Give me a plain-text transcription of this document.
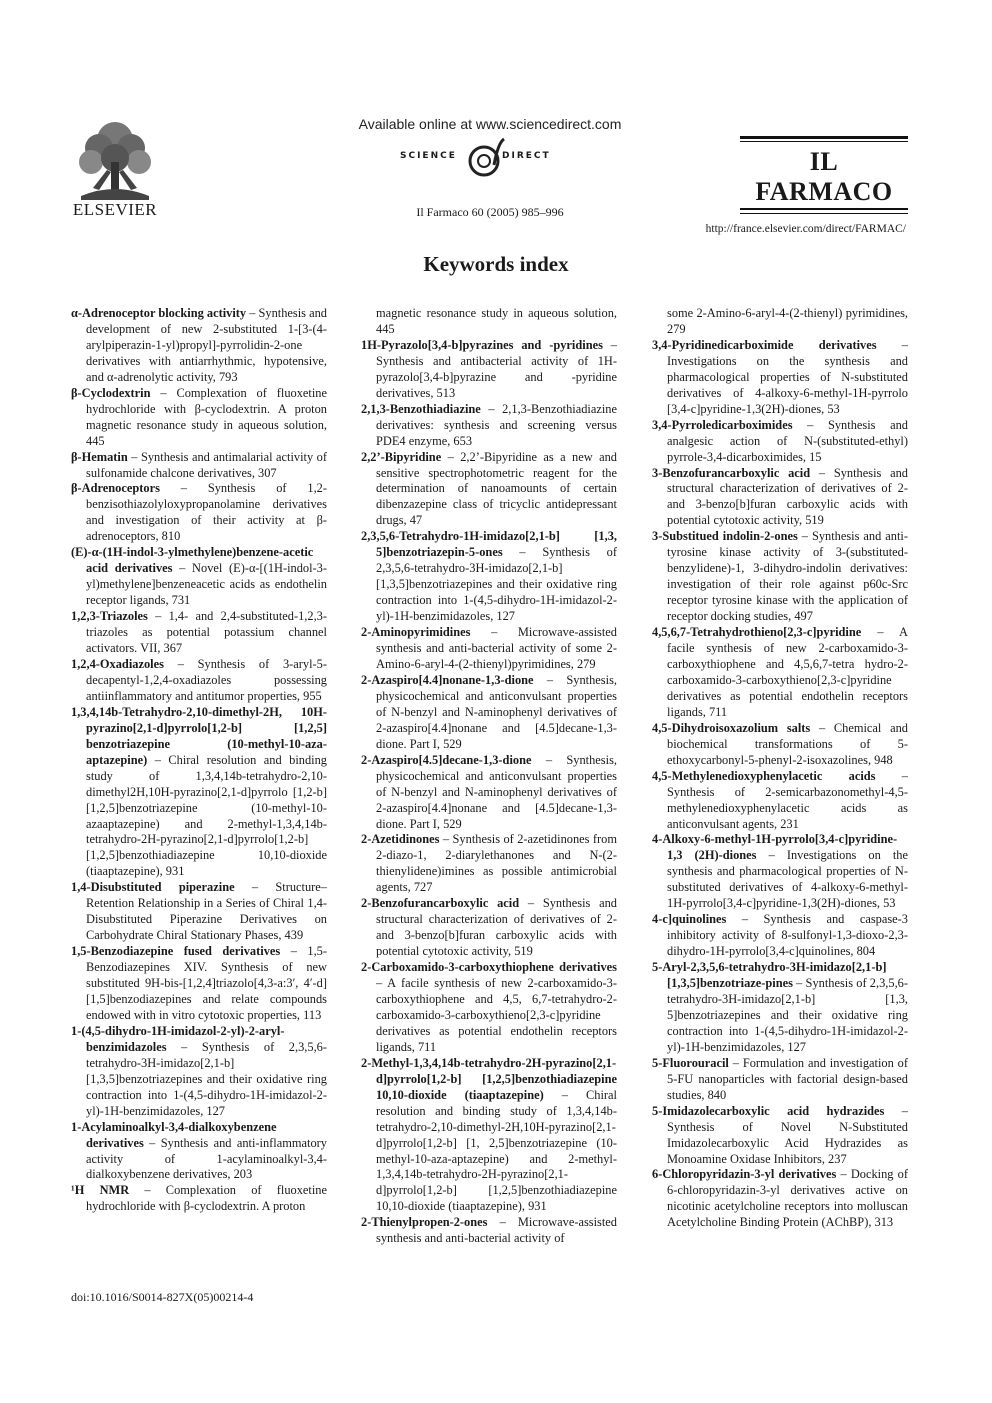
ELSEVIER
Available online at www.sciencedirect.com
SCIENCE	DIRECT
Il Farmaco 60 (2005) 985–996
IL FARMACO
http://france.elsevier.com/direct/FARMAC/
Keywords index
α-Adrenoceptor blocking activity – Synthesis and development of new 2-substituted 1-[3-(4-arylpiperazin-1-yl)propyl]-pyrrolidin-2-one derivatives with antiarrhythmic, hypotensive, and α-adrenolytic activity, 793
β-Cyclodextrin – Complexation of fluoxetine hydrochloride with β-cyclodextrin. A proton magnetic resonance study in aqueous solution, 445
β-Hematin – Synthesis and antimalarial activity of sulfonamide chalcone derivatives, 307
β-Adrenoceptors – Synthesis of 1,2-benzisothiazolyloxypropanolamine derivatives and investigation of their activity at β-adrenoceptors, 810
(E)-α-(1H-indol-3-ylmethylene)benzene-acetic acid derivatives – Novel (E)-α-[(1H-indol-3-yl)methylene]benzeneacetic acids as endothelin receptor ligands, 731
1,2,3-Triazoles – 1,4- and 2,4-substituted-1,2,3-triazoles as potential potassium channel activators. VII, 367
1,2,4-Oxadiazoles – Synthesis of 3-aryl-5-decapentyl-1,2,4-oxadiazoles possessing antiinflammatory and antitumor properties, 955
1,3,4,14b-Tetrahydro-2,10-dimethyl-2H, 10H-pyrazino[2,1-d]pyrrolo[1,2-b] [1,2,5] benzotriazepine (10-methyl-10-aza-aptazepine) – Chiral resolution and binding study of 1,3,4,14b-tetrahydro-2,10-dimethyl2H,10H-pyrazino[2,1-d]pyrrolo [1,2-b] [1,2,5]benzotriazepine (10-methyl-10-azaaptazepine) and 2-methyl-1,3,4,14b-tetrahydro-2H-pyrazino[2,1-d]pyrrolo[1,2-b] [1,2,5]benzothiadiazepine 10,10-dioxide (tiaaptazepine), 931
1,4-Disubstituted piperazine – Structure–Retention Relationship in a Series of Chiral 1,4-Disubstituted Piperazine Derivatives on Carbohydrate Chiral Stationary Phases, 439
1,5-Benzodiazepine fused derivatives – 1,5-Benzodiazepines XIV. Synthesis of new substituted 9H-bis-[1,2,4]triazolo[4,3-a:3′, 4′-d] [1,5]benzodiazepines and relate compounds endowed with in vitro cytotoxic properties, 113
1-(4,5-dihydro-1H-imidazol-2-yl)-2-aryl-benzimidazoles – Synthesis of 2,3,5,6-tetrahydro-3H-imidazo[2,1-b] [1,3,5]benzotriazepines and their oxidative ring contraction into 1-(4,5-dihydro-1H-imidazol-2-yl)-1H-benzimidazoles, 127
1-Acylaminoalkyl-3,4-dialkoxybenzene derivatives – Synthesis and anti-inflammatory activity of 1-acylaminoalkyl-3,4-dialkoxybenzene derivatives, 203
¹H NMR – Complexation of fluoxetine hydrochloride with β-cyclodextrin. A proton
magnetic resonance study in aqueous solution, 445
1H-Pyrazolo[3,4-b]pyrazines and -pyridines – Synthesis and antibacterial activity of 1H-pyrazolo[3,4-b]pyrazine and -pyridine derivatives, 513
2,1,3-Benzothiadiazine – 2,1,3-Benzothiadiazine derivatives: synthesis and screening versus PDE4 enzyme, 653
2,2’-Bipyridine – 2,2’-Bipyridine as a new and sensitive spectrophotometric reagent for the determination of nanoamounts of certain dibenzazepine class of tricyclic antidepressant drugs, 47
2,3,5,6-Tetrahydro-1H-imidazo[2,1-b] [1,3, 5]benzotriazepin-5-ones – Synthesis of 2,3,5,6-tetrahydro-3H-imidazo[2,1-b] [1,3,5]benzotriazepines and their oxidative ring contraction into 1-(4,5-dihydro-1H-imidazol-2-yl)-1H-benzimidazoles, 127
2-Aminopyrimidines – Microwave-assisted synthesis and anti-bacterial activity of some 2-Amino-6-aryl-4-(2-thienyl)pyrimidines, 279
2-Azaspiro[4.4]nonane-1,3-dione – Synthesis, physicochemical and anticonvulsant properties of N-benzyl and N-aminophenyl derivatives of 2-azaspiro[4.4]nonane and [4.5]decane-1,3-dione. Part I, 529
2-Azaspiro[4.5]decane-1,3-dione – Synthesis, physicochemical and anticonvulsant properties of N-benzyl and N-aminophenyl derivatives of 2-azaspiro[4.4]nonane and [4.5]decane-1,3-dione. Part I, 529
2-Azetidinones – Synthesis of 2-azetidinones from 2-diazo-1, 2-diarylethanones and N-(2-thienylidene)imines as possible antimicrobial agents, 727
2-Benzofurancarboxylic acid – Synthesis and structural characterization of derivatives of 2- and 3-benzo[b]furan carboxylic acids with potential cytotoxic activity, 519
2-Carboxamido-3-carboxythiophene derivatives – A facile synthesis of new 2-carboxamido-3-carboxythiophene and 4,5, 6,7-tetrahydro-2-carboxamido-3-carboxythieno[2,3-c]pyridine derivatives as potential endothelin receptors ligands, 711
2-Methyl-1,3,4,14b-tetrahydro-2H-pyrazino[2,1-d]pyrrolo[1,2-b] [1,2,5]benzothiadiazepine 10,10-dioxide (tiaaptazepine) – Chiral resolution and binding study of 1,3,4,14b-tetrahydro-2,10-dimethyl-2H,10H-pyrazino[2,1-d]pyrrolo[1,2-b] [1, 2,5]benzotriazepine (10-methyl-10-aza-aptazepine) and 2-methyl-1,3,4,14b-tetrahydro-2H-pyrazino[2,1-d]pyrrolo[1,2-b] [1,2,5]benzothiadiazepine 10,10-dioxide (tiaaptazepine), 931
2-Thienylpropen-2-ones – Microwave-assisted synthesis and anti-bacterial activity of
some 2-Amino-6-aryl-4-(2-thienyl) pyrimidines, 279
3,4-Pyridinedicarboximide derivatives – Investigations on the synthesis and pharmacological properties of N-substituted derivatives of 4-alkoxy-6-methyl-1H-pyrrolo [3,4-c]pyridine-1,3(2H)-diones, 53
3,4-Pyrroledicarboximides – Synthesis and analgesic action of N-(substituted-ethyl) pyrrole-3,4-dicarboximides, 15
3-Benzofurancarboxylic acid – Synthesis and structural characterization of derivatives of 2- and 3-benzo[b]furan carboxylic acids with potential cytotoxic activity, 519
3-Substitued indolin-2-ones – Synthesis and anti-tyrosine kinase activity of 3-(substituted-benzylidene)-1, 3-dihydro-indolin derivatives: investigation of their role against p60c-Src receptor tyrosine kinase with the application of receptor docking studies, 497
4,5,6,7-Tetrahydrothieno[2,3-c]pyridine – A facile synthesis of new 2-carboxamido-3-carboxythiophene and 4,5,6,7-tetra hydro-2-carboxamido-3-carboxythieno[2,3-c]pyridine derivatives as potential endothelin receptors ligands, 711
4,5-Dihydroisoxazolium salts – Chemical and biochemical transformations of 5-ethoxycarbonyl-5-phenyl-2-isoxazolines, 948
4,5-Methylenedioxyphenylacetic acids – Synthesis of 2-semicarbazonomethyl-4,5-methylenedioxyphenylacetic acids as anticonvulsant agents, 231
4-Alkoxy-6-methyl-1H-pyrrolo[3,4-c]pyridine-1,3 (2H)-diones – Investigations on the synthesis and pharmacological properties of N-substituted derivatives of 4-alkoxy-6-methyl-1H-pyrrolo[3,4-c]pyridine-1,3(2H)-diones, 53
4-c]quinolines – Synthesis and caspase-3 inhibitory activity of 8-sulfonyl-1,3-dioxo-2,3-dihydro-1H-pyrrolo[3,4-c]quinolines, 804
5-Aryl-2,3,5,6-tetrahydro-3H-imidazo[2,1-b] [1,3,5]benzotriaze-pines – Synthesis of 2,3,5,6-tetrahydro-3H-imidazo[2,1-b] [1,3, 5]benzotriazepines and their oxidative ring contraction into 1-(4,5-dihydro-1H-imidazol-2-yl)-1H-benzimidazoles, 127
5-Fluorouracil – Formulation and investigation of 5-FU nanoparticles with factorial design-based studies, 840
5-Imidazolecarboxylic acid hydrazides – Synthesis of Novel N-Substituted Imidazolecarboxylic Acid Hydrazides as Monoamine Oxidase Inhibitors, 237
6-Chloropyridazin-3-yl derivatives – Docking of 6-chloropyridazin-3-yl derivatives active on nicotinic acetylcholine receptors into molluscan Acetylcholine Binding Protein (AChBP), 313
doi:10.1016/S0014-827X(05)00214-4
